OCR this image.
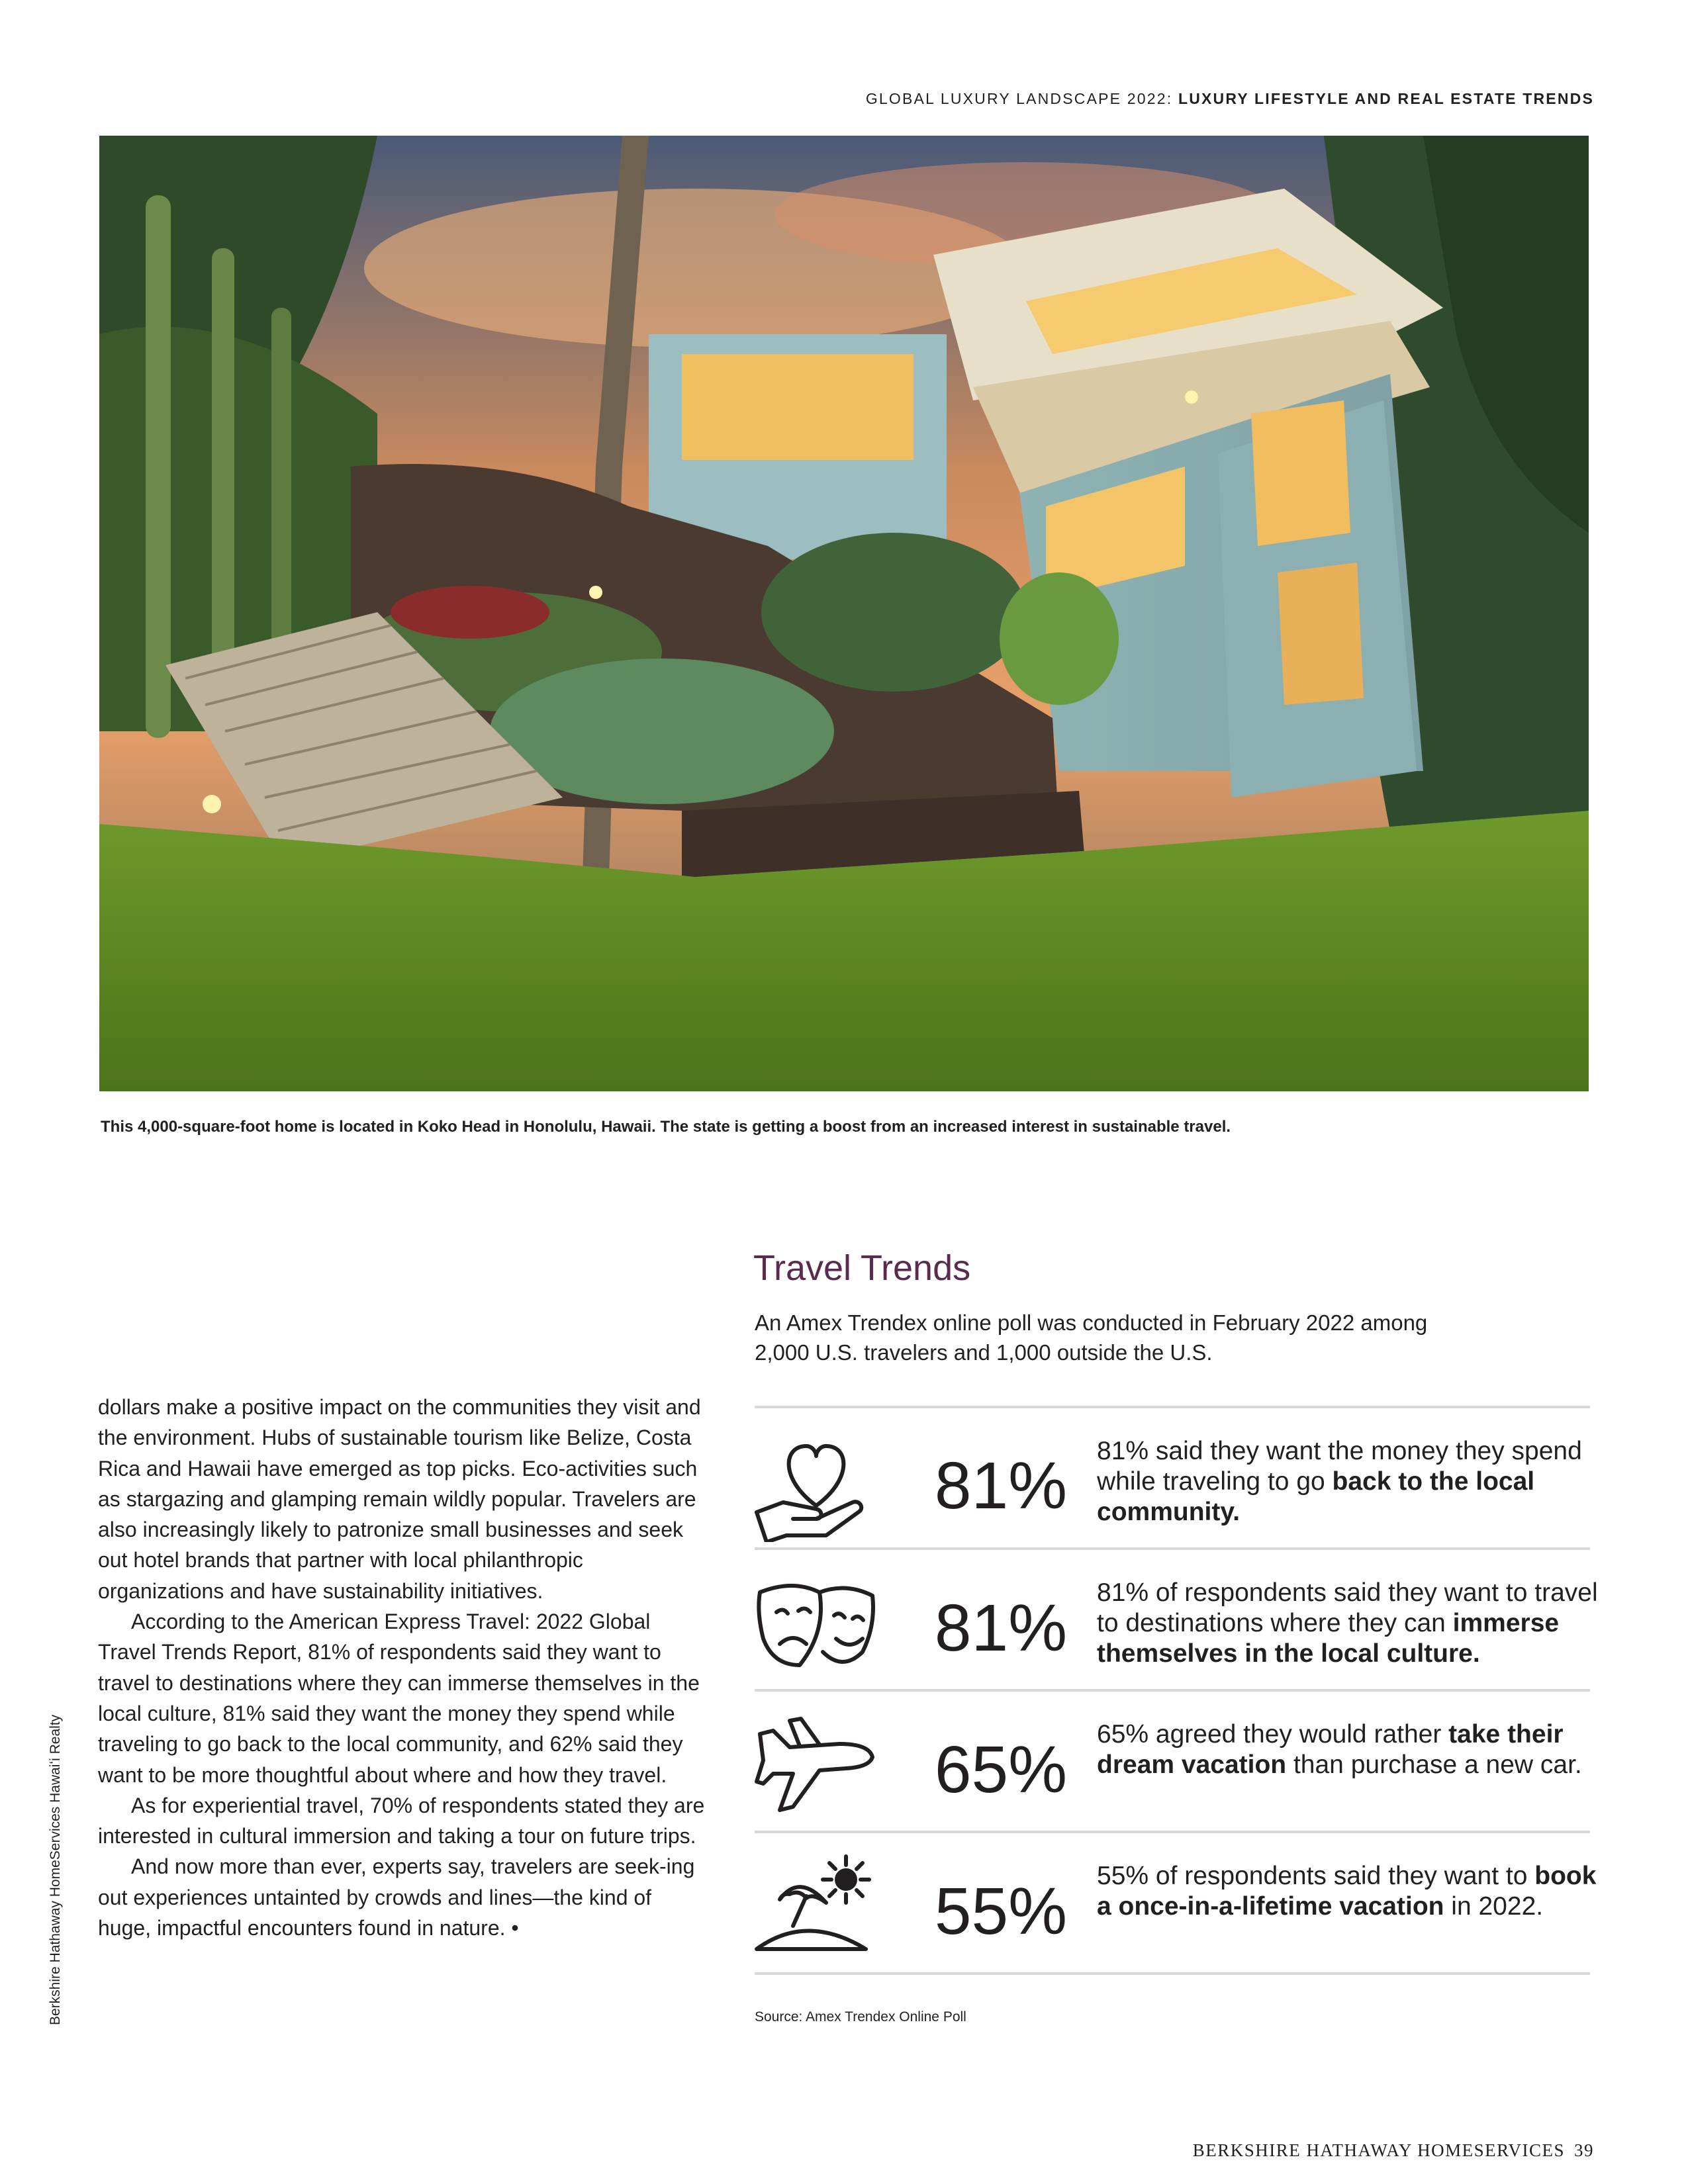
GLOBAL LUXURY LANDSCAPE 2022: LUXURY LIFESTYLE AND REAL ESTATE TRENDS
This 4,000-square-foot home is located in Koko Head in Honolulu, Hawaii. The state is getting a boost from an increased interest in sustainable travel.

dollars make a positive impact on the communities they visit and the environment. Hubs of sustainable tourism like Belize, Costa Rica and Hawaii have emerged as top picks. Eco-activities such as stargazing and glamping remain wildly popular. Travelers are also increasingly likely to patronize small businesses and seek out hotel brands that partner with local philanthropic organizations and have sustainability initiatives.

According to the American Express Travel: 2022 Global Travel Trends Report, 81% of respondents said they want to travel to destinations where they can immerse themselves in the local culture, 81% said they want the money they spend while traveling to go back to the local community, and 62% said they want to be more thoughtful about where and how they travel.

As for experiential travel, 70% of respondents stated they are interested in cultural immersion and taking a tour on future trips.

And now more than ever, experts say, travelers are seek-ing out experiences untainted by crowds and lines—the kind of huge, impactful encounters found in nature. •

Berkshire Hathaway HomeServices Hawaiʻi Realty
Travel Trends
An Amex Trendex online poll was conducted in February 2022 among 2,000 U.S. travelers and 1,000 outside the U.S.
81% 81% said they want the money they spend while traveling to go back to the local community.
81% 81% of respondents said they want to travel to destinations where they can immerse themselves in the local culture.
65% 65% agreed they would rather take their dream vacation than purchase a new car.
55% 55% of respondents said they want to book a once-in-a-lifetime vacation in 2022.
Source: Amex Trendex Online Poll
BERKSHIRE HATHAWAY HOMESERVICES 39
